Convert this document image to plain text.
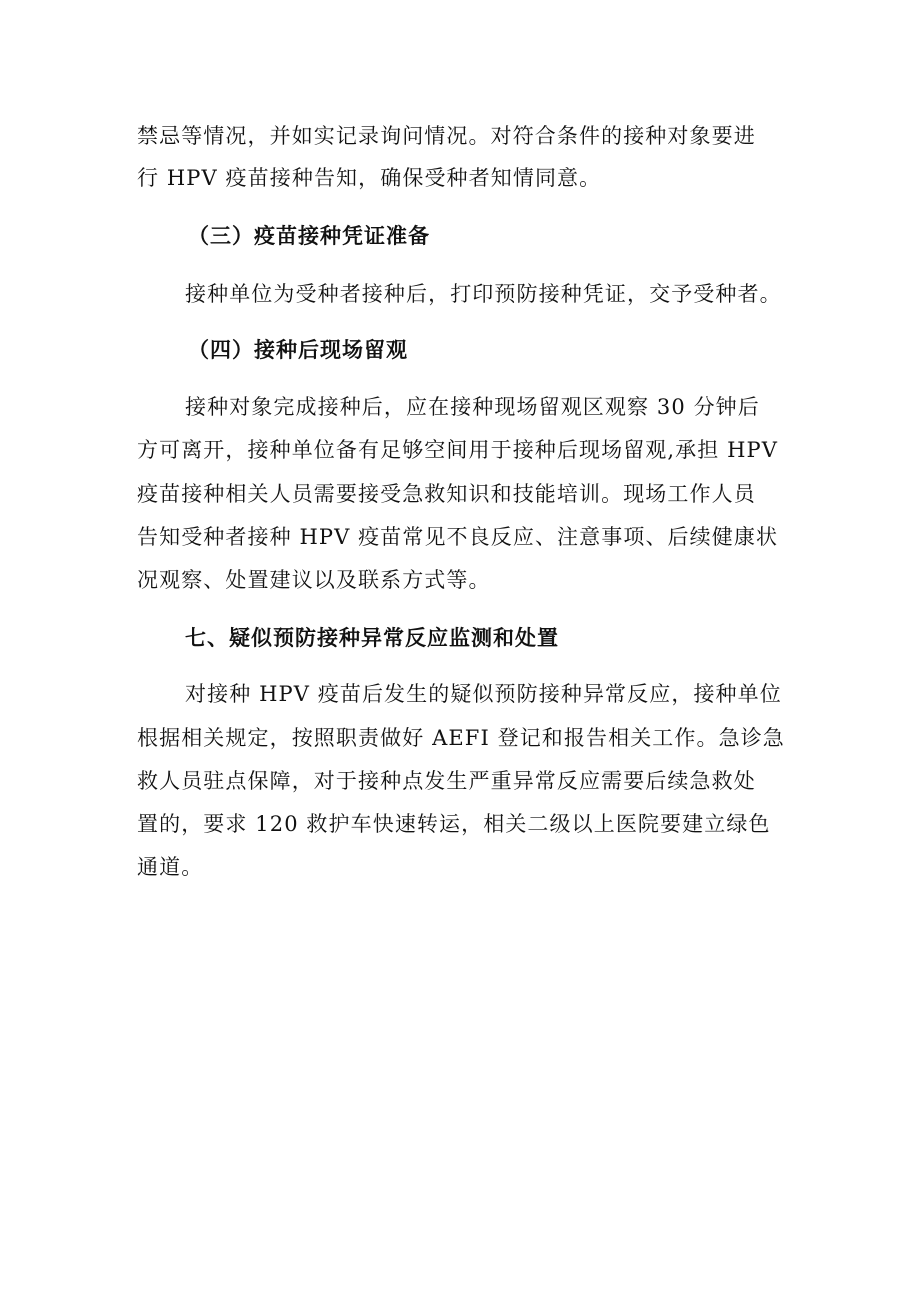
禁忌等情况，并如实记录询问情况。对符合条件的接种对象要进
行 HPV 疫苗接种告知，确保受种者知情同意。
（三）疫苗接种凭证准备
接种单位为受种者接种后，打印预防接种凭证，交予受种者。
（四）接种后现场留观
接种对象完成接种后，应在接种现场留观区观察 30 分钟后
方可离开，接种单位备有足够空间用于接种后现场留观,承担 HPV
疫苗接种相关人员需要接受急救知识和技能培训。现场工作人员
告知受种者接种 HPV 疫苗常见不良反应、注意事项、后续健康状
况观察、处置建议以及联系方式等。
七、疑似预防接种异常反应监测和处置
对接种 HPV 疫苗后发生的疑似预防接种异常反应，接种单位
根据相关规定，按照职责做好 AEFI 登记和报告相关工作。急诊急
救人员驻点保障，对于接种点发生严重异常反应需要后续急救处
置的，要求 120 救护车快速转运，相关二级以上医院要建立绿色
通道。
